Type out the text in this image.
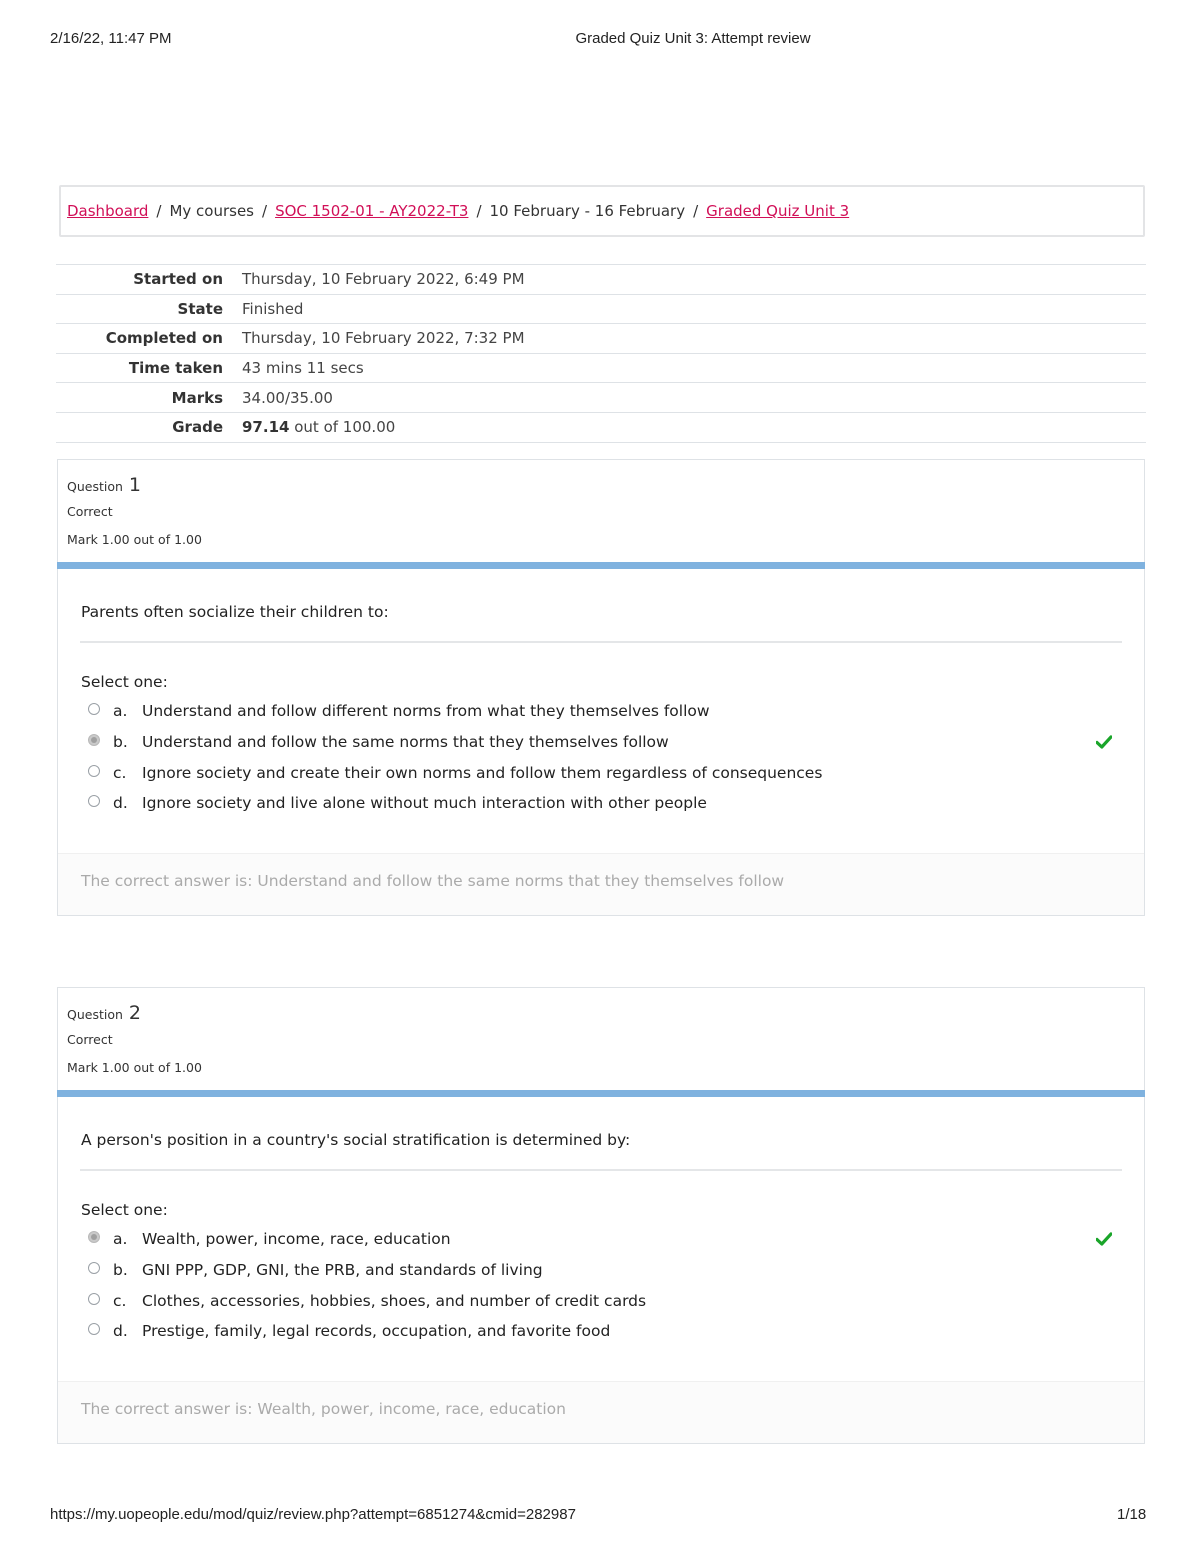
2/16/22, 11:47 PM	Graded Quiz Unit 3: Attempt review
Dashboard / My courses / SOC 1502-01 - AY2022-T3 / 10 February - 16 February / Graded Quiz Unit 3
Started on	Thursday, 10 February 2022, 6:49 PM
State	Finished
Completed on	Thursday, 10 February 2022, 7:32 PM
Time taken	43 mins 11 secs
Marks	34.00/35.00
Grade	97.14 out of 100.00
Question 1
Correct
Mark 1.00 out of 1.00
Parents often socialize their children to:
Select one:
a. Understand and follow different norms from what they themselves follow
b. Understand and follow the same norms that they themselves follow
c.	Ignore society and create their own norms and follow them regardless of consequences
d. Ignore society and live alone without much interaction with other people
The correct answer is: Understand and follow the same norms that they themselves follow
Question 2
Correct
Mark 1.00 out of 1.00
A person's position in a country's social stratification is determined by:
Select one:
a. Wealth, power, income, race, education
b. GNI PPP, GDP, GNI, the PRB, and standards of living
c.	Clothes, accessories, hobbies, shoes, and number of credit cards
d. Prestige, family, legal records, occupation, and favorite food
The correct answer is: Wealth, power, income, race, education
https://my.uopeople.edu/mod/quiz/review.php?attempt=6851274&cmid=282987	1/18
